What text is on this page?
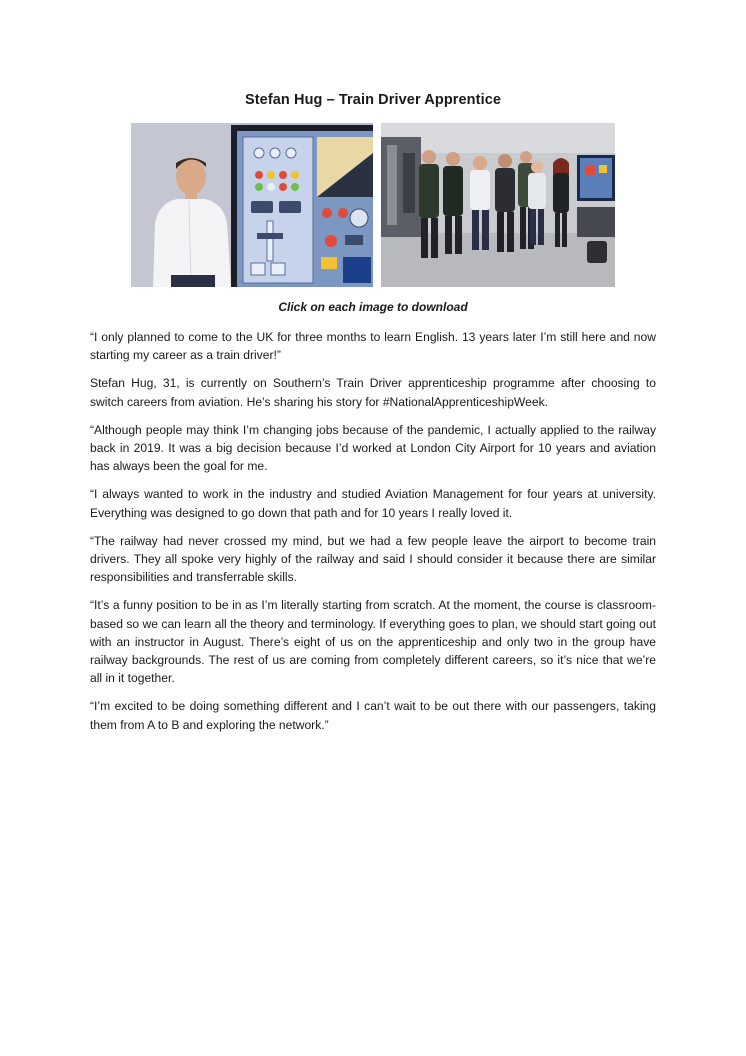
Stefan Hug – Train Driver Apprentice
Click on each image to download

“I only planned to come to the UK for three months to learn English. 13 years later I’m still here and now starting my career as a train driver!”

Stefan Hug, 31, is currently on Southern’s Train Driver apprenticeship programme after choosing to switch careers from aviation. He’s sharing his story for #NationalApprenticeshipWeek.

“Although people may think I’m changing jobs because of the pandemic, I actually applied to the railway back in 2019. It was a big decision because I’d worked at London City Airport for 10 years and aviation has always been the goal for me.

“I always wanted to work in the industry and studied Aviation Management for four years at university. Everything was designed to go down that path and for 10 years I really loved it.

“The railway had never crossed my mind, but we had a few people leave the airport to become train drivers. They all spoke very highly of the railway and said I should consider it because there are similar responsibilities and transferrable skills.

“It’s a funny position to be in as I’m literally starting from scratch. At the moment, the course is classroom-based so we can learn all the theory and terminology. If everything goes to plan, we should start going out with an instructor in August. There’s eight of us on the apprenticeship and only two in the group have railway backgrounds. The rest of us are coming from completely different careers, so it’s nice that we’re all in it together.

“I’m excited to be doing something different and I can’t wait to be out there with our passengers, taking them from A to B and exploring the network.”
